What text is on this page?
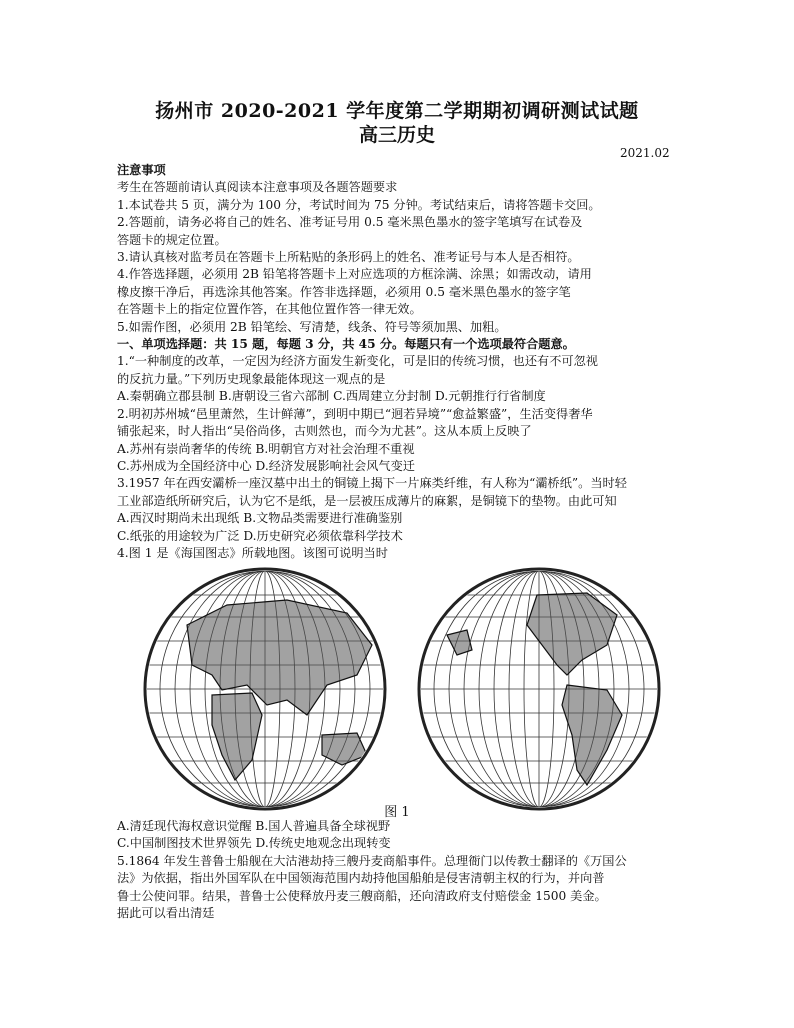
扬州市 2020-2021 学年度第二学期期初调研测试试题
高三历史
2021.02
注意事项
考生在答题前请认真阅读本注意事项及各题答题要求
1.本试卷共 5 页，满分为 100 分，考试时间为 75 分钟。考试结束后，请将答题卡交回。
2.答题前，请务必将自己的姓名、准考证号用 0.5 毫米黑色墨水的签字笔填写在试卷及
答题卡的规定位置。
3.请认真核对监考员在答题卡上所粘贴的条形码上的姓名、准考证号与本人是否相符。
4.作答选择题，必须用 2B 铅笔将答题卡上对应选项的方框涂满、涂黑；如需改动，请用
橡皮擦干净后，再选涂其他答案。作答非选择题，必须用 0.5 毫米黑色墨水的签字笔
在答题卡上的指定位置作答，在其他位置作答一律无效。
5.如需作图，必须用 2B 铅笔绘、写清楚，线条、符号等须加黑、加粗。
一、单项选择题：共 15 题，每题 3 分，共 45 分。每题只有一个选项最符合题意。
1.“一种制度的改革，一定因为经济方面发生新变化，可是旧的传统习惯，也还有不可忽视
的反抗力量。”下列历史现象最能体现这一观点的是
A.秦朝确立郡县制 B.唐朝设三省六部制 C.西周建立分封制 D.元朝推行行省制度
2.明初苏州城“邑里萧然，生计鲜薄”，到明中期已“迥若异境”“愈益繁盛”，生活变得奢华
铺张起来，时人指出“吴俗尚侈，古则然也，而今为尤甚”。这从本质上反映了
A.苏州有崇尚奢华的传统 B.明朝官方对社会治理不重视
C.苏州成为全国经济中心 D.经济发展影响社会风气变迁
3.1957 年在西安灞桥一座汉墓中出土的铜镜上揭下一片麻类纤维，有人称为“灞桥纸”。当时轻
工业部造纸所研究后，认为它不是纸，是一层被压成薄片的麻絮，是铜镜下的垫物。由此可知
A.西汉时期尚未出现纸 B.文物品类需要进行准确鉴别
C.纸张的用途较为广泛 D.历史研究必须依靠科学技术
4.图 1 是《海国图志》所载地图。该图可说明当时
图 1
A.清廷现代海权意识觉醒 B.国人普遍具备全球视野
C.中国制图技术世界领先 D.传统史地观念出现转变
5.1864 年发生普鲁士船舰在大沽港劫持三艘丹麦商船事件。总理衙门以传教士翻译的《万国公
法》为依据，指出外国军队在中国领海范围内劫持他国船舶是侵害清朝主权的行为，并向普
鲁士公使问罪。结果，普鲁士公使释放丹麦三艘商船，还向清政府支付赔偿金 1500 美金。
据此可以看出清廷
